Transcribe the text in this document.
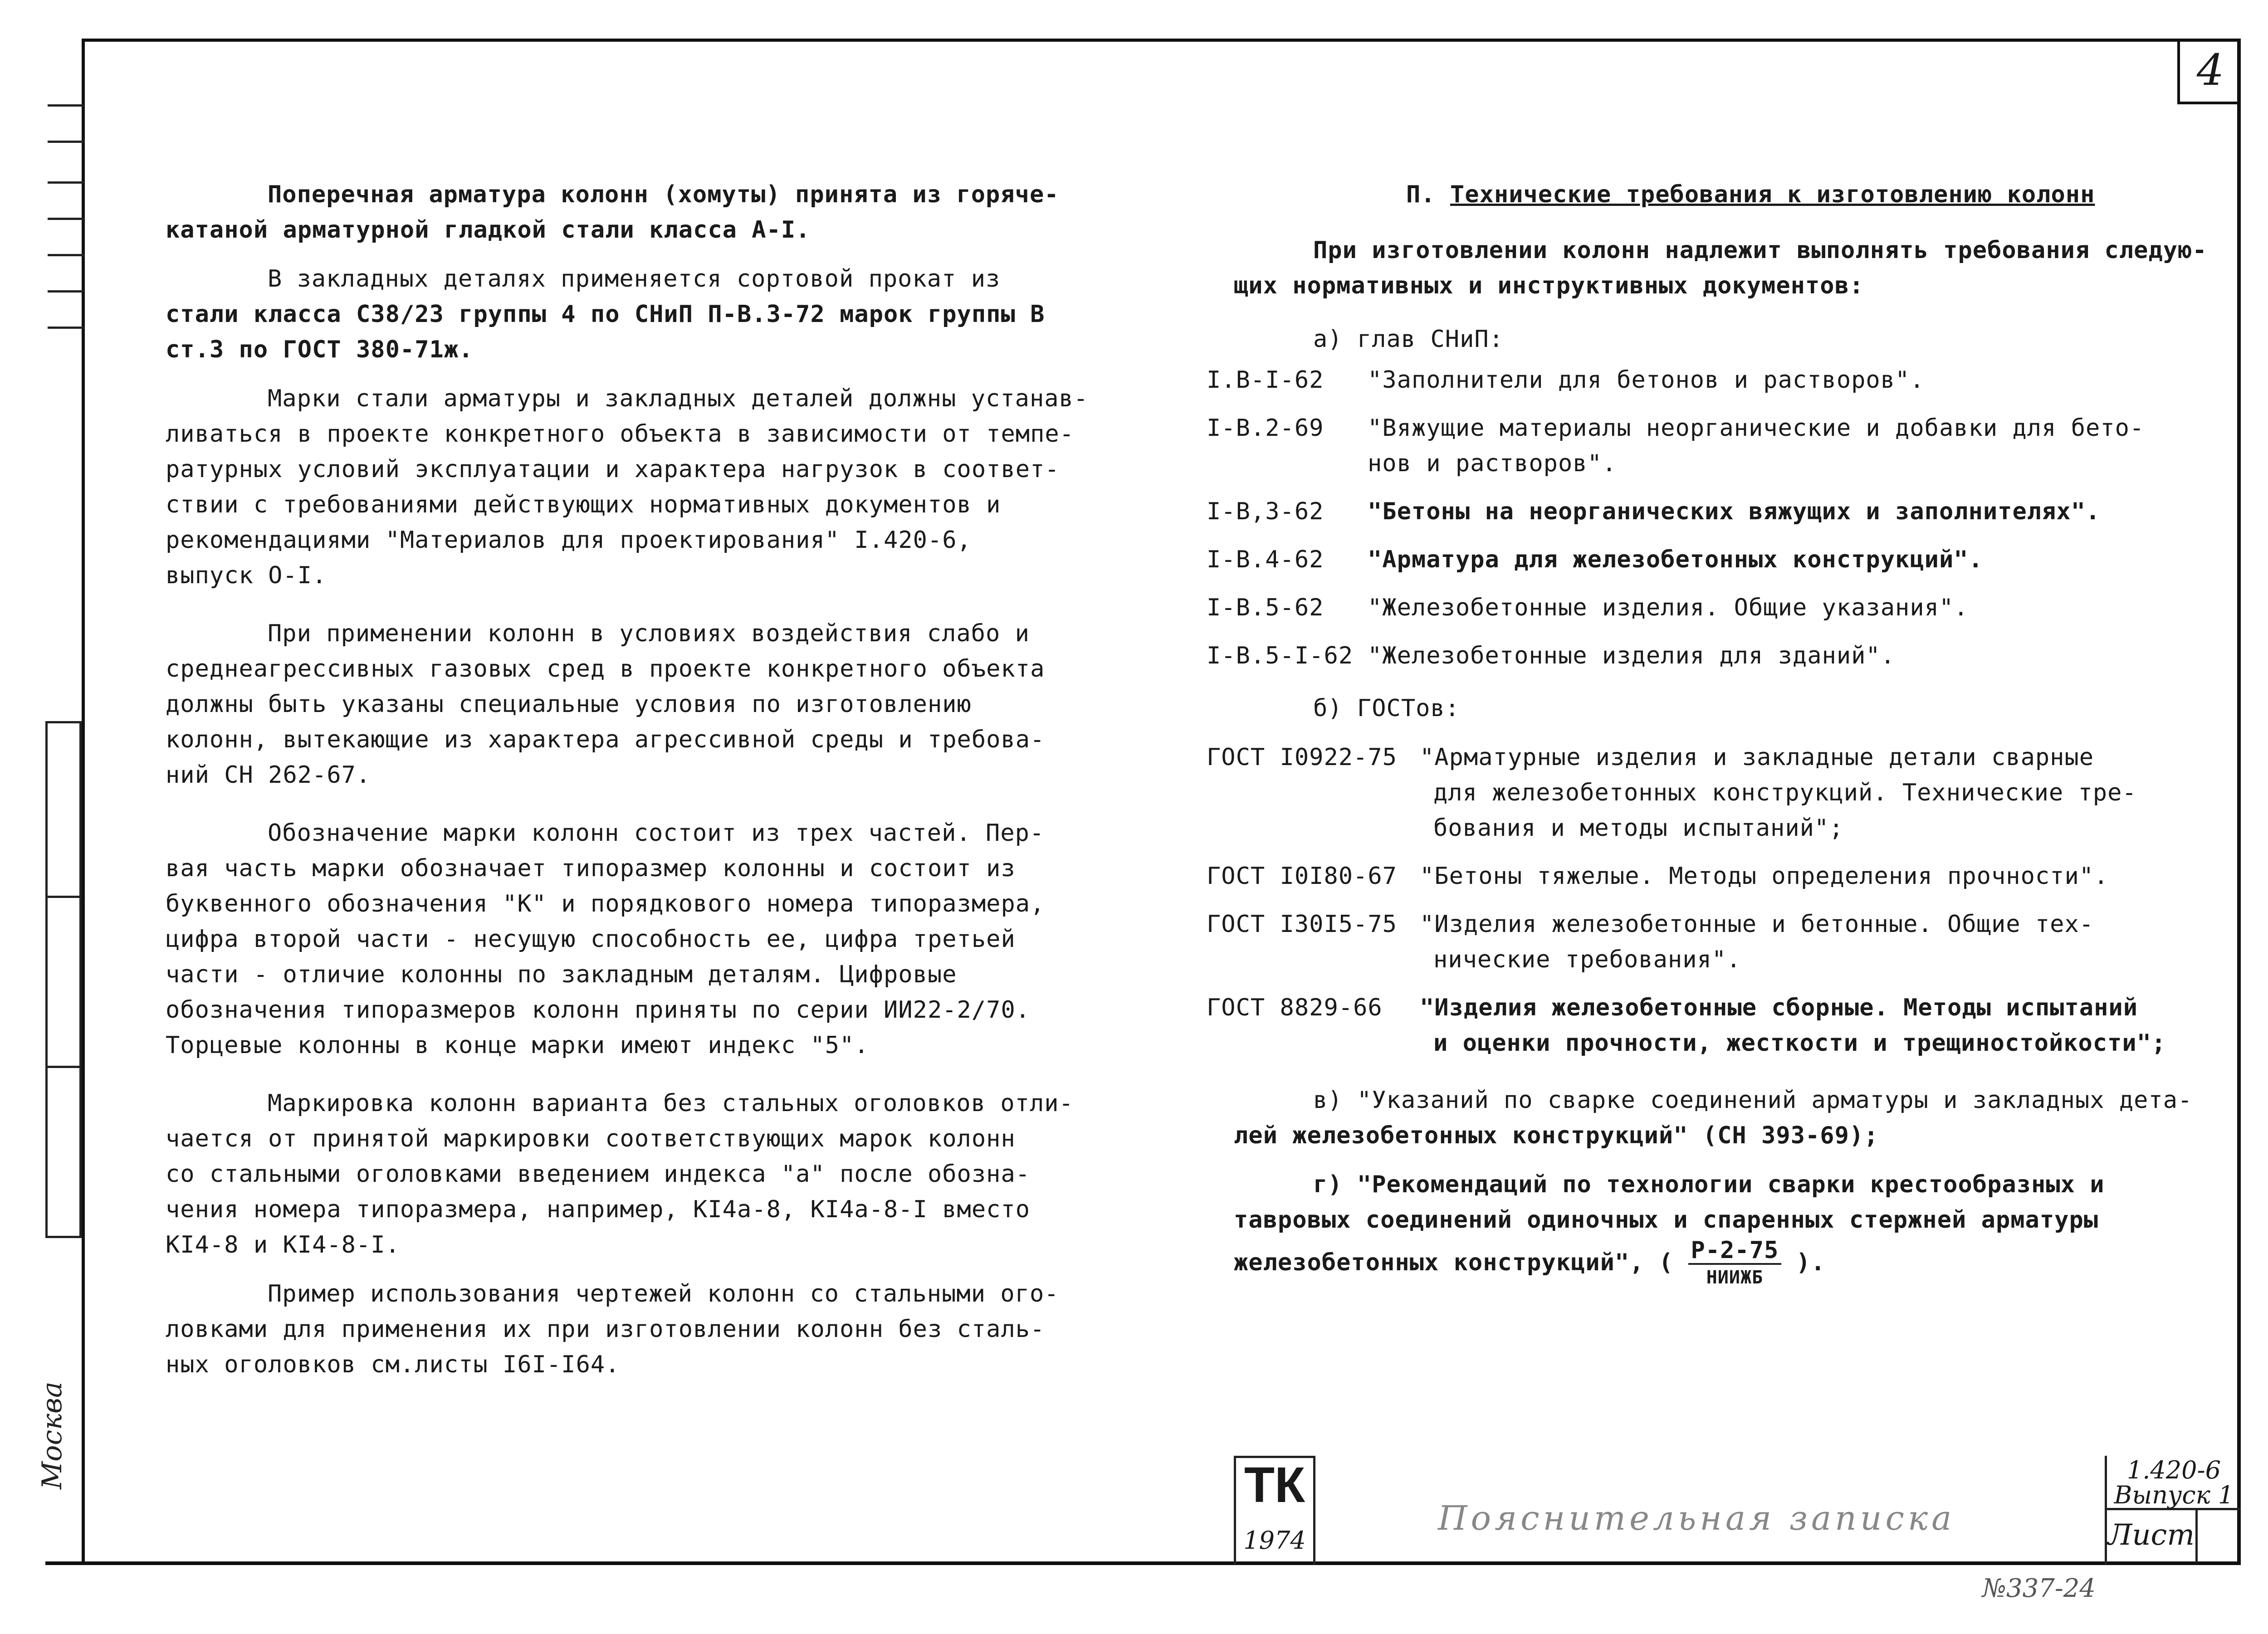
Москва
4
Поперечная арматура колонн (хомуты) принята из горяче-
катаной арматурной гладкой стали класса А-I.
В закладных деталях применяется сортовой прокат из
стали класса С38/23 группы 4 по СНиП П-В.3-72 марок группы В
ст.3 по ГОСТ 380-71ж.
Марки стали арматуры и закладных деталей должны устанав-
ливаться в проекте конкретного объекта в зависимости от темпе-
ратурных условий эксплуатации и характера нагрузок в соответ-
ствии с требованиями действующих нормативных документов и
рекомендациями "Материалов для проектирования" I.420-6,
выпуск О-I.
При применении колонн в условиях воздействия слабо и
среднеагрессивных газовых сред в проекте конкретного объекта
должны быть указаны специальные условия по изготовлению
колонн, вытекающие из характера агрессивной среды и требова-
ний СН 262-67.
Обозначение марки колонн состоит из трех частей. Пер-
вая часть марки обозначает типоразмер колонны и состоит из
буквенного обозначения "К" и порядкового номера типоразмера,
цифра второй части - несущую способность ее, цифра третьей
части - отличие колонны по закладным деталям. Цифровые
обозначения типоразмеров колонн приняты по серии ИИ22-2/70.
Торцевые колонны в конце марки имеют индекс "5".
Маркировка колонн варианта без стальных оголовков отли-
чается от принятой маркировки соответствующих марок колонн
со стальными оголовками введением индекса "а" после обозна-
чения номера типоразмера, например, КI4а-8, КI4а-8-I вместо
КI4-8 и КI4-8-I.
Пример использования чертежей колонн со стальными ого-
ловками для применения их при изготовлении колонн без сталь-
ных оголовков см.листы I6I-I64.
П. Технические требования к изготовлению колонн
При изготовлении колонн надлежит выполнять требования следую-
щих нормативных и инструктивных документов:
а) глав СНиП:
I.В-I-62 "Заполнители для бетонов и растворов".
I-В.2-69 "Вяжущие материалы неорганические и добавки для бето-
нов и растворов".
I-В,3-62 "Бетоны на неорганических вяжущих и заполнителях".
I-В.4-62 "Арматура для железобетонных конструкций".
I-В.5-62 "Железобетонные изделия. Общие указания".
I-В.5-I-62 "Железобетонные изделия для зданий".
б) ГОСТов:
ГОСТ I0922-75 "Арматурные изделия и закладные детали сварные
для железобетонных конструкций. Технические тре-
бования и методы испытаний";
ГОСТ I0I80-67 "Бетоны тяжелые. Методы определения прочности".
ГОСТ I30I5-75 "Изделия железобетонные и бетонные. Общие тех-
нические требования".
ГОСТ 8829-66 "Изделия железобетонные сборные. Методы испытаний
и оценки прочности, жесткости и трещиностойкости";
в) "Указаний по сварке соединений арматуры и закладных дета-
лей железобетонных конструкций" (СН 393-69);
г) "Рекомендаций по технологии сварки крестообразных и
тавровых соединений одиночных и спаренных стержней арматуры
железобетонных конструкций", ( $\frac{Р-2-75}{\text{НИИЖБ}}$ ).
ТК
1974
Пояснительная записка
1.420-6
Выпуск 1
Лист
№337-24
